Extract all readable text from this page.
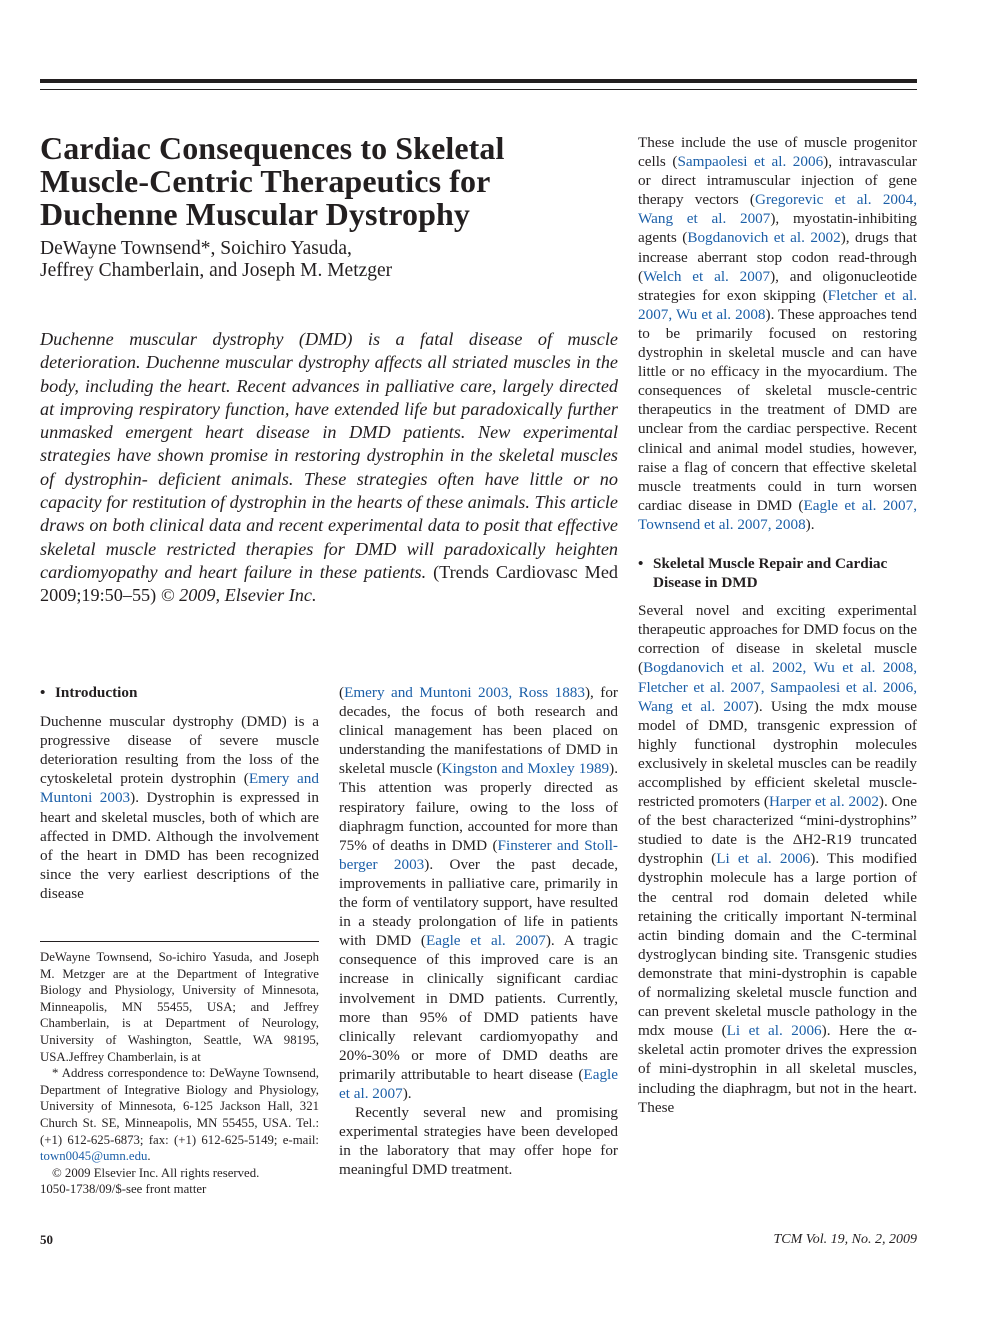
Cardiac Consequences to Skeletal Muscle-Centric Therapeutics for Duchenne Muscular Dystrophy
DeWayne Townsend*, Soichiro Yasuda,
Jeffrey Chamberlain, and Joseph M. Metzger
Duchenne muscular dystrophy (DMD) is a fatal disease of muscle deterioration. Duchenne muscular dystrophy affects all striated muscles in the body, including the heart. Recent advances in palliative care, largely directed at improving respiratory function, have extended life but paradoxically further unmasked emergent heart disease in DMD patients. New experimental strategies have shown promise in restoring dystrophin in the skeletal muscles of dystrophin- deficient animals. These strategies often have little or no capacity for restitution of dystrophin in the hearts of these animals. This article draws on both clinical data and recent experimental data to posit that effective skeletal muscle restricted therapies for DMD will paradoxically heighten cardiomyopathy and heart failure in these patients. (Trends Cardiovasc Med 2009;19:50–55) © 2009, Elsevier Inc.
• Introduction

Duchenne muscular dystrophy (DMD) is a progressive disease of severe muscle deterioration resulting from the loss of the cytoskeletal protein dystrophin (Emery and Muntoni 2003). Dystrophin is expressed in heart and skeletal muscles, both of which are affected in DMD. Although the involvement of the heart in DMD has been recognized since the very earliest descriptions of the disease

DeWayne Townsend, So-ichiro Yasuda, and Joseph M. Metzger are at the Department of Integrative Biology and Physiology, University of Minnesota, Minneapolis, MN 55455, USA; and Jeffrey Chamberlain, is at Department of Neurology, University of Washington, Seattle, WA 98195, USA.Jeffrey Chamberlain, is at

* Address correspondence to: DeWayne Townsend, Department of Integrative Biology and Physiology, University of Minnesota, 6-125 Jackson Hall, 321 Church St. SE, Minneapolis, MN 55455, USA. Tel.: (+1) 612-625-6873; fax: (+1) 612-625-5149; e-mail: town0045@umn.edu.

© 2009 Elsevier Inc. All rights reserved.

1050-1738/09/$-see front matter

(Emery and Muntoni 2003, Ross 1883), for decades, the focus of both research and clinical management has been placed on understanding the manifestations of DMD in skeletal muscle (Kingston and Moxley 1989). This attention was properly directed as respiratory failure, owing to the loss of diaphragm function, accounted for more than 75% of deaths in DMD (Finsterer and Stollberger 2003). Over the past decade, improvements in palliative care, primarily in the form of ventilatory support, have resulted in a steady prolongation of life in patients with DMD (Eagle et al. 2007). A tragic consequence of this improved care is an increase in clinically significant cardiac involvement in DMD patients. Currently, more than 95% of DMD patients have clinically relevant cardiomyopathy and 20%-30% or more of DMD deaths are primarily attributable to heart disease (Eagle et al. 2007).

Recently several new and promising experimental strategies have been developed in the laboratory that may offer hope for meaningful DMD treatment.

These include the use of muscle progenitor cells (Sampaolesi et al. 2006), intravascular or direct intramuscular injection of gene therapy vectors (Gregorevic et al. 2004, Wang et al. 2007), myostatin-inhibiting agents (Bogdanovich et al. 2002), drugs that increase aberrant stop codon read-through (Welch et al. 2007), and oligonucleotide strategies for exon skipping (Fletcher et al. 2007, Wu et al. 2008). These approaches tend to be primarily focused on restoring dystrophin in skeletal muscle and can have little or no efficacy in the myocardium. The consequences of skeletal muscle-centric therapeutics in the treatment of DMD are unclear from the cardiac perspective. Recent clinical and animal model studies, however, raise a flag of concern that effective skeletal muscle treatments could in turn worsen cardiac disease in DMD (Eagle et al. 2007, Townsend et al. 2007, 2008).

• Skeletal Muscle Repair and Cardiac Disease in DMD

Several novel and exciting experimental therapeutic approaches for DMD focus on the correction of disease in skeletal muscle (Bogdanovich et al. 2002, Wu et al. 2008, Fletcher et al. 2007, Sampaolesi et al. 2006, Wang et al. 2007). Using the mdx mouse model of DMD, transgenic expression of highly functional dystrophin molecules exclusively in skeletal muscles can be readily accomplished by efficient skeletal muscle- restricted promoters (Harper et al. 2002). One of the best characterized “mini-dystrophins” studied to date is the ΔH2-R19 truncated dystrophin (Li et al. 2006). This modified dystrophin molecule has a large portion of the central rod domain deleted while retaining the critically important N-terminal actin binding domain and the C-terminal dystroglycan binding site. Transgenic studies demonstrate that mini-dystrophin is capable of normalizing skeletal muscle function and can prevent skeletal muscle pathology in the mdx mouse (Li et al. 2006). Here the α-skeletal actin promoter drives the expression of mini-dystrophin in all skeletal muscles, including the diaphragm, but not in the heart. These

50	TCM Vol. 19, No. 2, 2009
